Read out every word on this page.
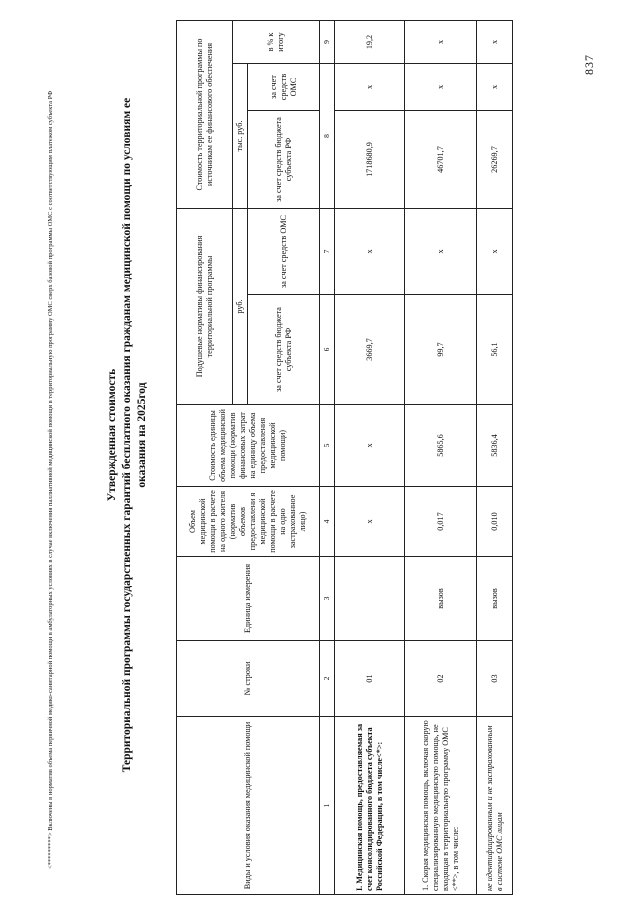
<*********> Включены в норматив объема первичной медико-санитарной помощи в амбулаторных условиях в случае включения паллиативной медицинской помощи в территориальную программу ОМС сверх базовой программы ОМС с соответствующим платежом субъекта РФ	Утвержденная стоимость Территориальной программы государственных гарантий бесплатного оказания гражданам медицинской помощи по условиям ее оказания на 2025год
Виды и условия оказания медицинской помощи	№ строки	Единица измерения	Объем медицинской помощи в расчете на одного жителя (норматив объемов предоставлени я медицинской помощи в расчете на одно застрахованное лицо)	Стоимость единицы объема медицинской помощи (норматив финансовых затрат на единицу объема предоставления медицинской помощи)	Подушевые нормативы финансирования территориальной программы		Стоимость территориальной программы по источникам ее финансового обеспечения		
					руб.		тыс. руб.		в % к итогу
					за счет средств бюджета субъекта РФ	за счет средств ОМС	за счет средств бюджета субъекта РФ	за счет средств ОМС	
1	2	3	4	5	6	7	8		9
I. Медицинская помощь, предоставляемая за счет консолидированного бюджета субъекта Российской Федерации, в том числе<*>:	01		x	x	3669,7	x	1718680,9	x	19,2
1. Скорая медицинская помощь, включая скорую специализированную медицинскую помощь, не входящая в территориальную программу ОМС <**>, в том числе:	02	вызов	0,017	5865,6	99,7	x	46701,7	x	x
не идентифицированным и не застрахованным в системе ОМС лицам	03	вызов	0,010	5836,4	56,1	x	26269,7	x	x
837
